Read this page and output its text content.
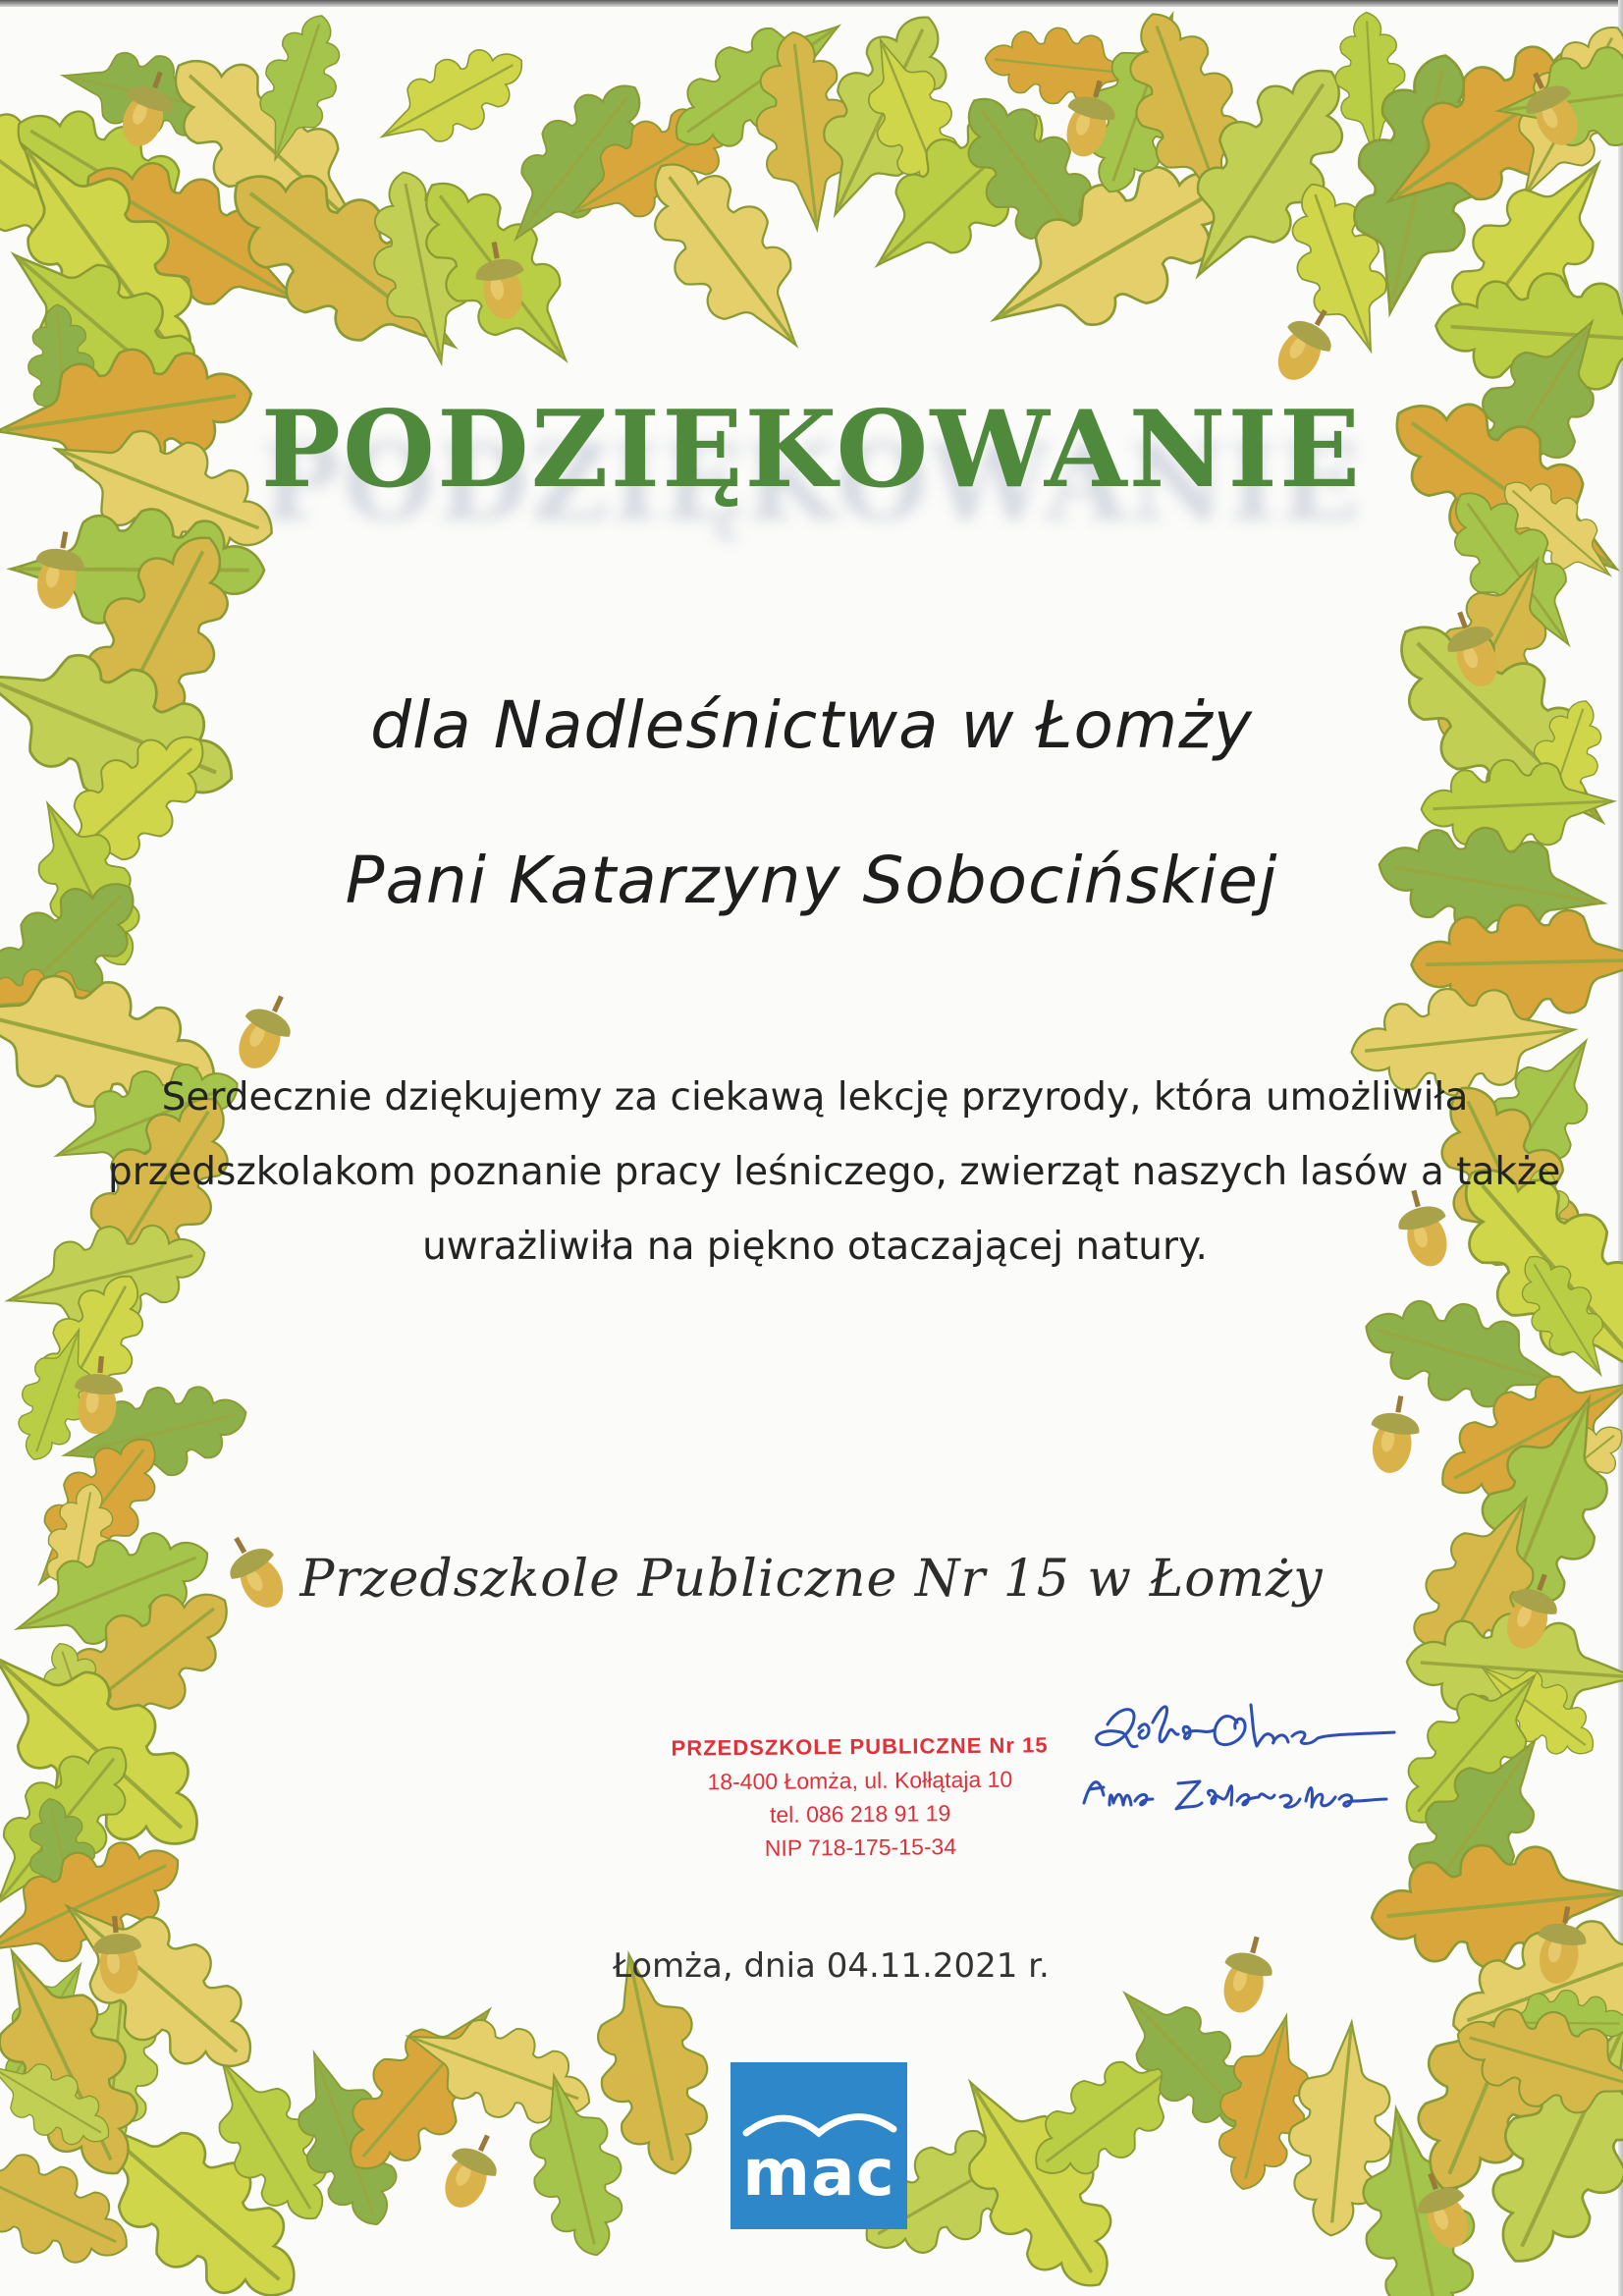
PODZIĘKOWANIE
dla Nadleśnictwa w Łomży
Pani Katarzyny Sobocińskiej
Serdecznie dziękujemy za ciekawą lekcję przyrody, która umożliwiła
przedszkolakom poznanie pracy leśniczego, zwierząt naszych lasów a także
uwrażliwiła na piękno otaczającej natury.
Przedszkole Publiczne Nr 15 w Łomży
PRZEDSZKOLE PUBLICZNE Nr 15
18-400 Łomża, ul. Kołłątaja 10
tel. 086 218 91 19
NIP 718-175-15-34
Łomża, dnia 04.11.2021 r.
mac
